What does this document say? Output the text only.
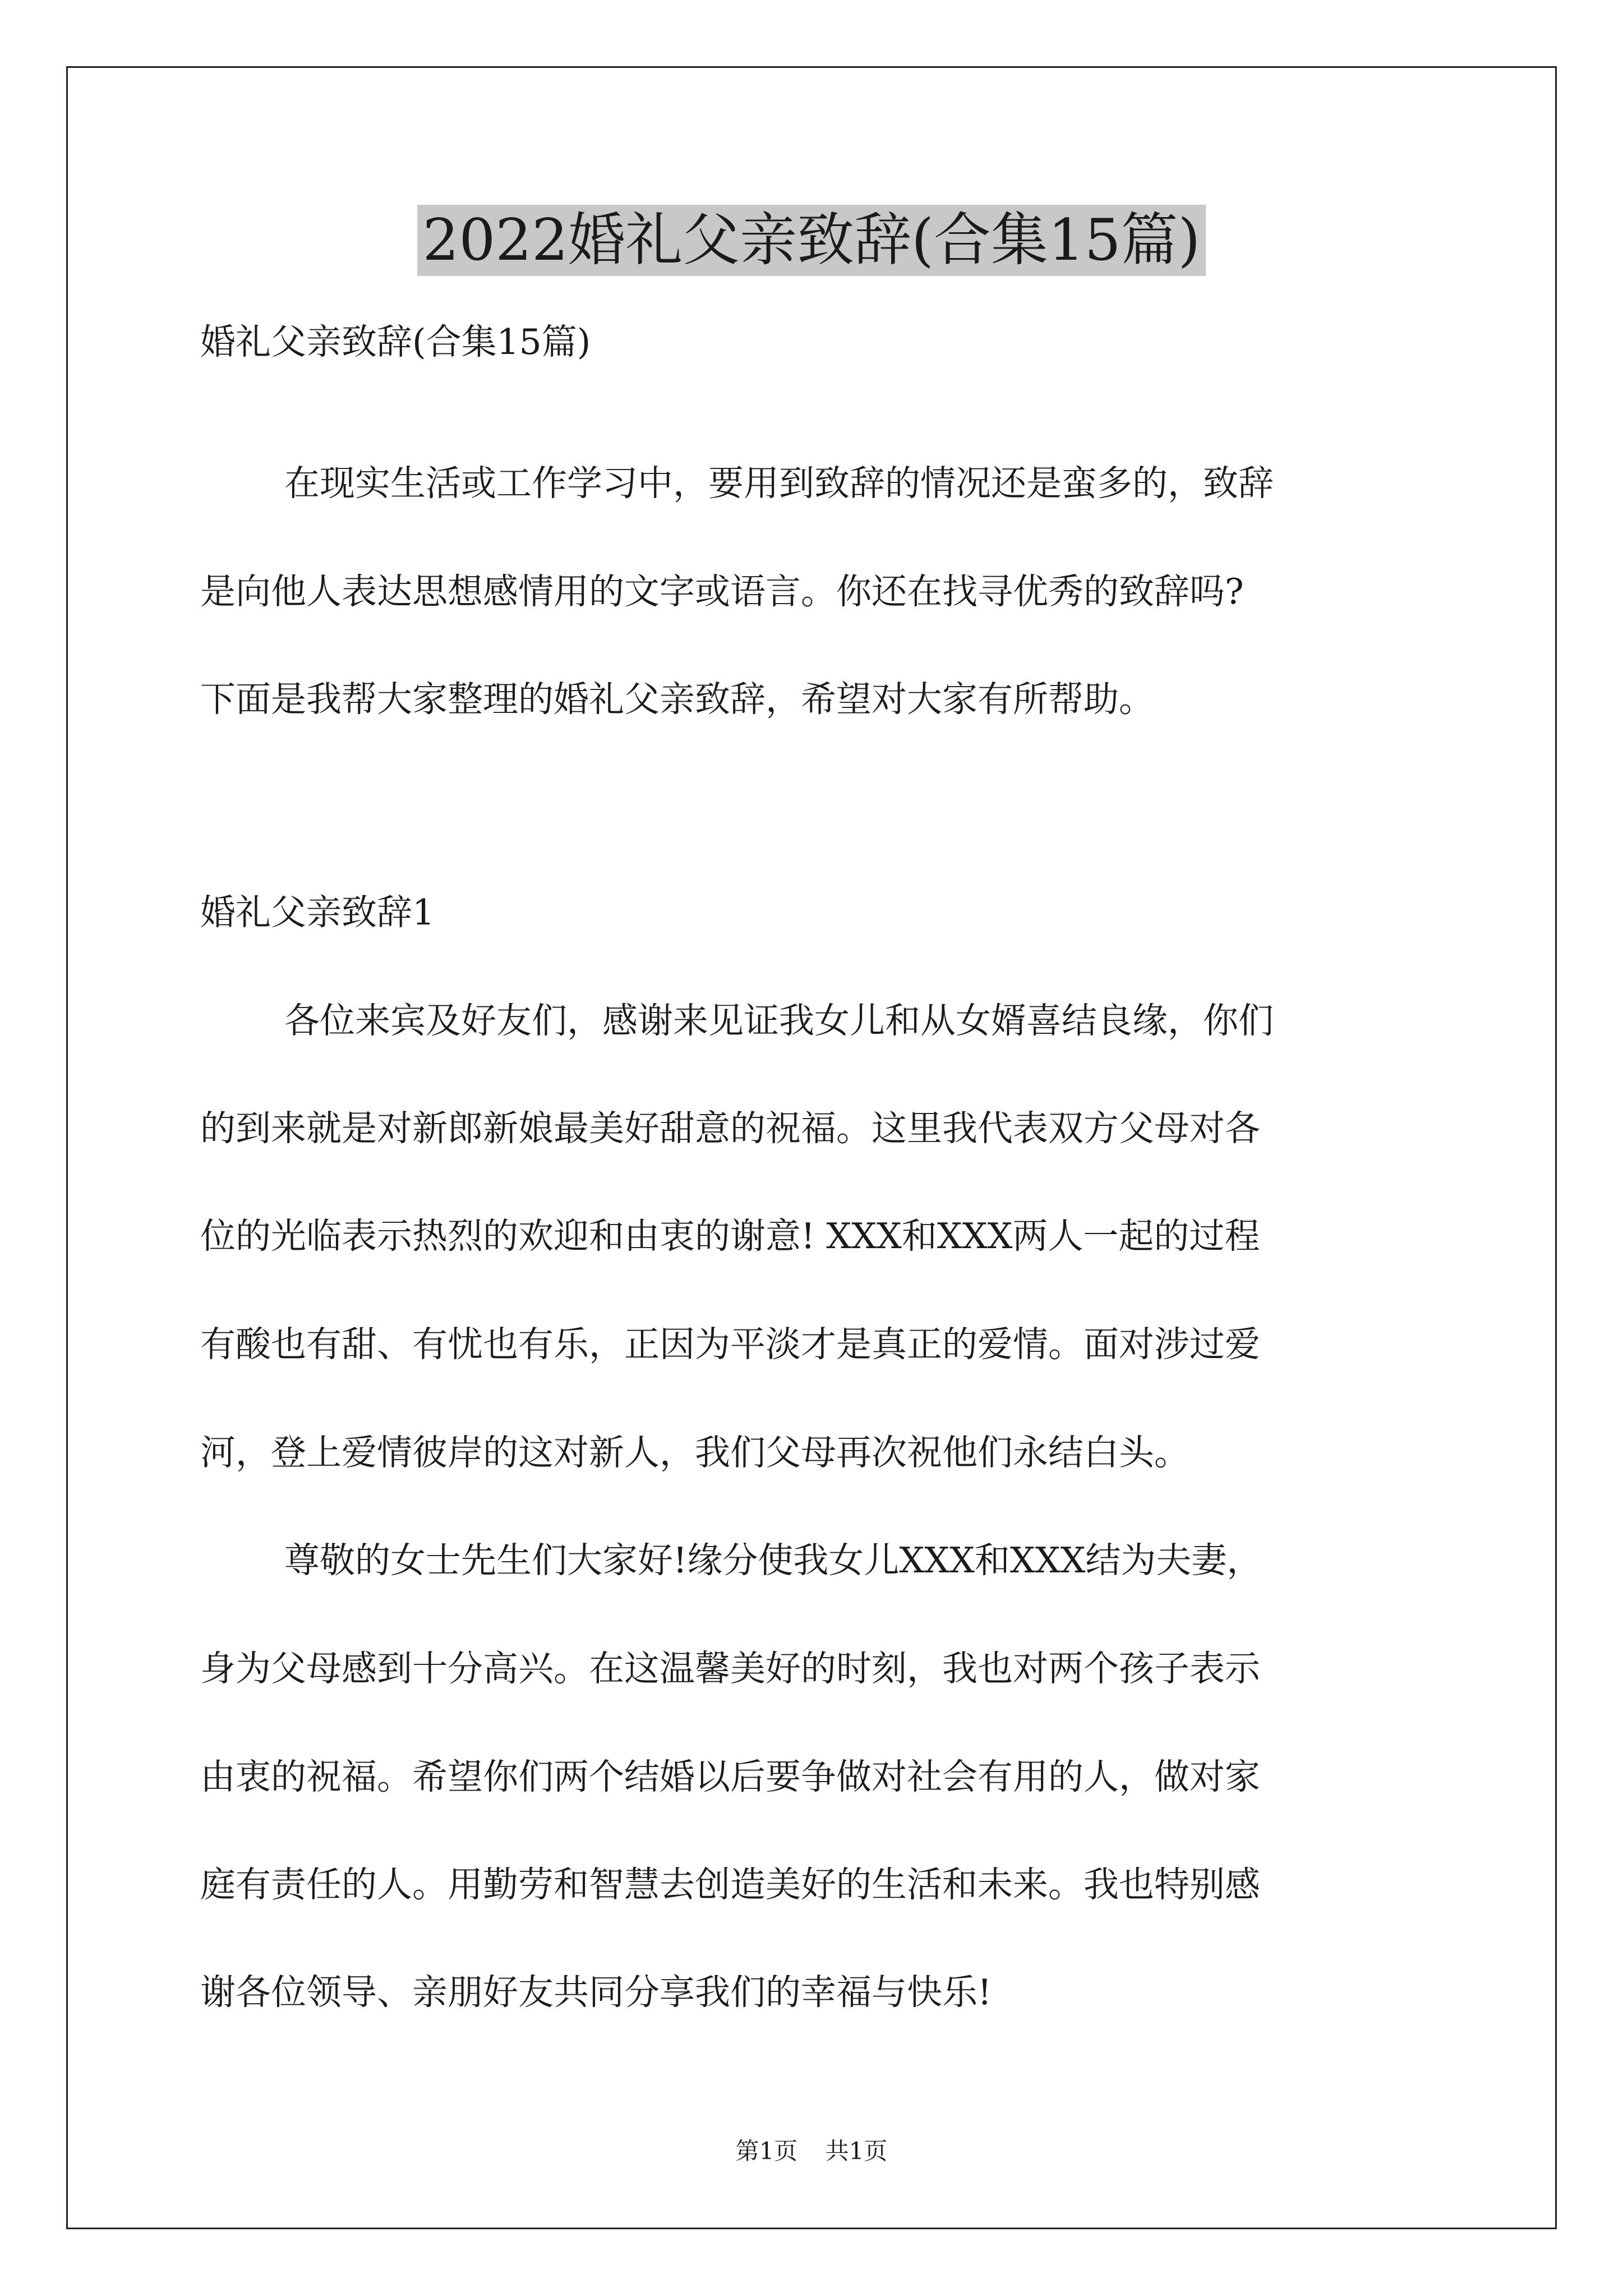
2022婚礼父亲致辞(合集15篇)

婚礼父亲致辞(合集15篇)

在现实生活或工作学习中，要用到致辞的情况还是蛮多的，致辞

是向他人表达思想感情用的文字或语言。你还在找寻优秀的致辞吗?

下面是我帮大家整理的婚礼父亲致辞，希望对大家有所帮助。

婚礼父亲致辞1

各位来宾及好友们，感谢来见证我女儿和从女婿喜结良缘，你们

的到来就是对新郎新娘最美好甜意的祝福。这里我代表双方父母对各

位的光临表示热烈的欢迎和由衷的谢意! XXX和XXX两人一起的过程

有酸也有甜、有忧也有乐，正因为平淡才是真正的爱情。面对涉过爱

河，登上爱情彼岸的这对新人，我们父母再次祝他们永结白头。

尊敬的女士先生们大家好!缘分使我女儿XXX和XXX结为夫妻，

身为父母感到十分高兴。在这温馨美好的时刻，我也对两个孩子表示

由衷的祝福。希望你们两个结婚以后要争做对社会有用的人，做对家

庭有责任的人。用勤劳和智慧去创造美好的生活和未来。我也特别感

谢各位领导、亲朋好友共同分享我们的幸福与快乐!

第1页 共1页
